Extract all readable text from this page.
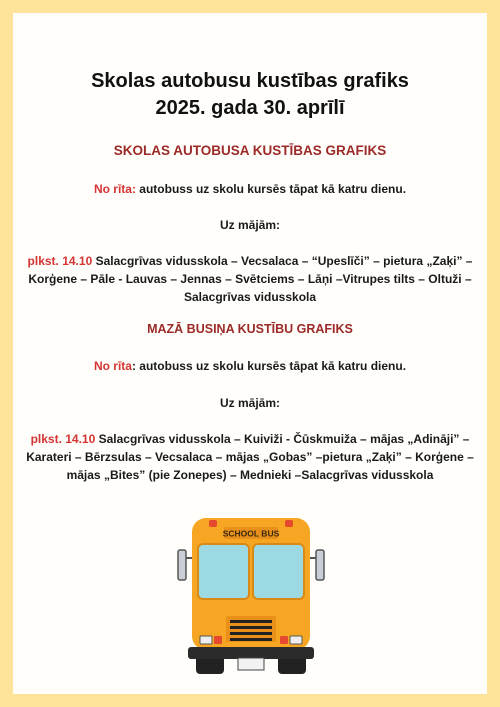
Skolas autobusu kustības grafiks
2025. gada 30. aprīlī

SKOLAS AUTOBUSA KUSTĪBAS GRAFIKS

No rīta: autobuss uz skolu kursēs tāpat kā katru dienu.

Uz mājām:

plkst. 14.10 Salacgrīvas vidusskola – Vecsalaca – “Upeslīči” – pietura „Zaķi” – Korģene – Pāle - Lauvas – Jennas – Svētciems – Lāņi –Vitrupes tilts – Oltuži – Salacgrīvas vidusskola

MAZĀ BUSIŅA KUSTĪBU GRAFIKS

No rīta: autobuss uz skolu kursēs tāpat kā katru dienu.

Uz mājām:

plkst. 14.10 Salacgrīvas vidusskola – Kuiviži - Čūskmuiža – mājas „Adināji” – Karateri – Bērzsulas – Vecsalaca – mājas „Gobas” –pietura „Zaķi” – Korģene – mājas „Bites” (pie Zonepes) – Mednieki –Salacgrīvas vidusskola

SCHOOL BUS
